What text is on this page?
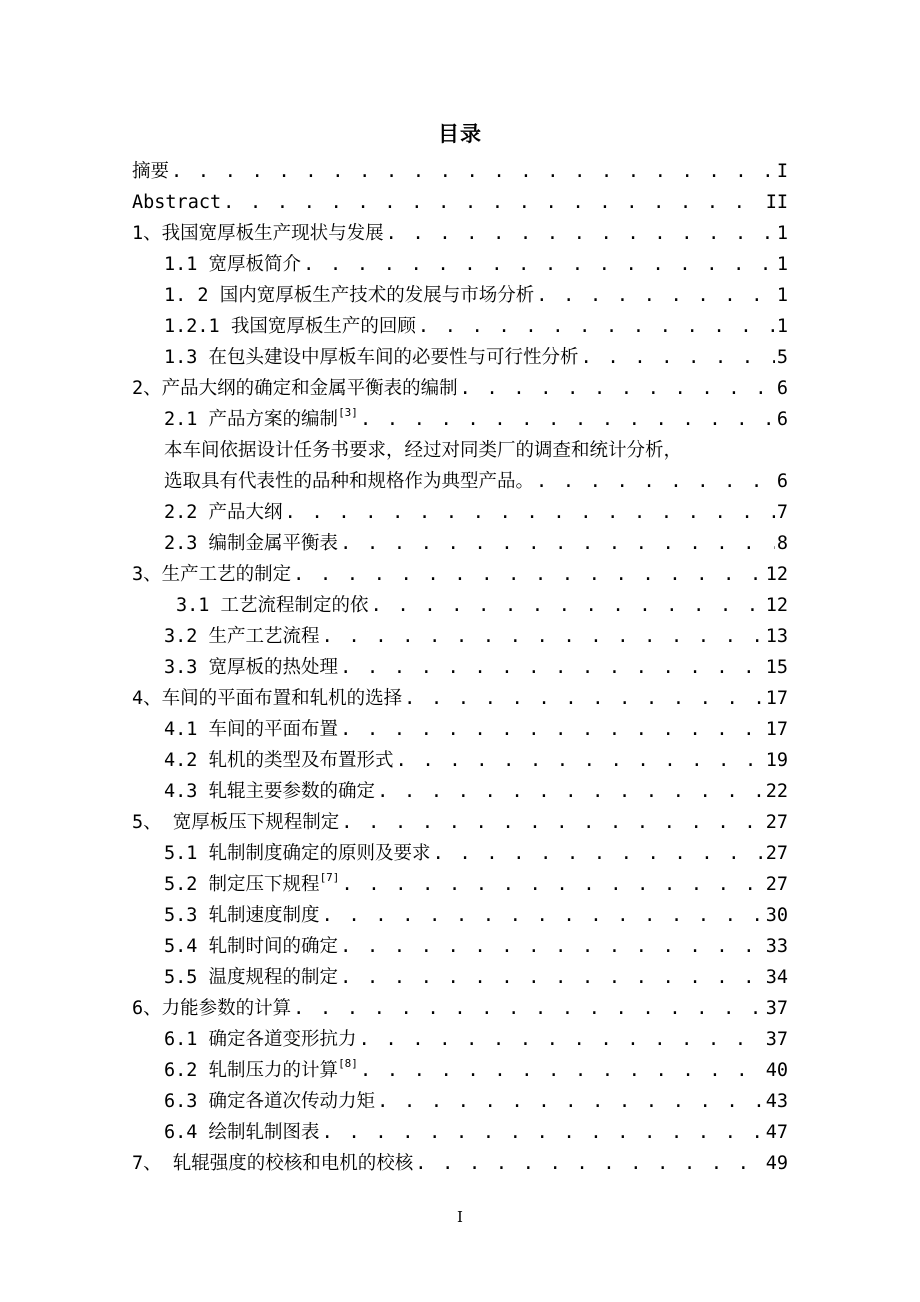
目录
摘要 . . .	I
Abstract . . .	II
1、我国宽厚板生产现状与发展 . . .	1
1.1 宽厚板简介 . . .	1
1. 2 国内宽厚板生产技术的发展与市场分析 . . .	1
1.2.1 我国宽厚板生产的回顾 . . .	1
1.3 在包头建设中厚板车间的必要性与可行性分析 . . .	5
2、产品大纲的确定和金属平衡表的编制 . . .	6
2.1 产品方案的编制[3] . . .	6
本车间依据设计任务书要求，经过对同类厂的调查和统计分析，
选取具有代表性的品种和规格作为典型产品。 . . .	6
2.2 产品大纲 . . .	7
2.3 编制金属平衡表 . . .	8
3、生产工艺的制定 . . .	12
3.1 工艺流程制定的依 . . .	12
3.2 生产工艺流程 . . .	13
3.3 宽厚板的热处理 . . .	15
4、车间的平面布置和轧机的选择 . . .	17
4.1 车间的平面布置 . . .	17
4.2 轧机的类型及布置形式 . . .	19
4.3 轧辊主要参数的确定 . . .	22
5、 宽厚板压下规程制定 . . .	27
5.1 轧制制度确定的原则及要求 . . .	27
5.2 制定压下规程[7] . . .	27
5.3 轧制速度制度 . . .	30
5.4 轧制时间的确定 . . .	33
5.5 温度规程的制定 . . .	34
6、力能参数的计算 . . .	37
6.1 确定各道变形抗力 . . .	37
6.2 轧制压力的计算[8] . . .	40
6.3 确定各道次传动力矩 . . .	43
6.4 绘制轧制图表 . . .	47
7、 轧辊强度的校核和电机的校核 . . .	49
I
